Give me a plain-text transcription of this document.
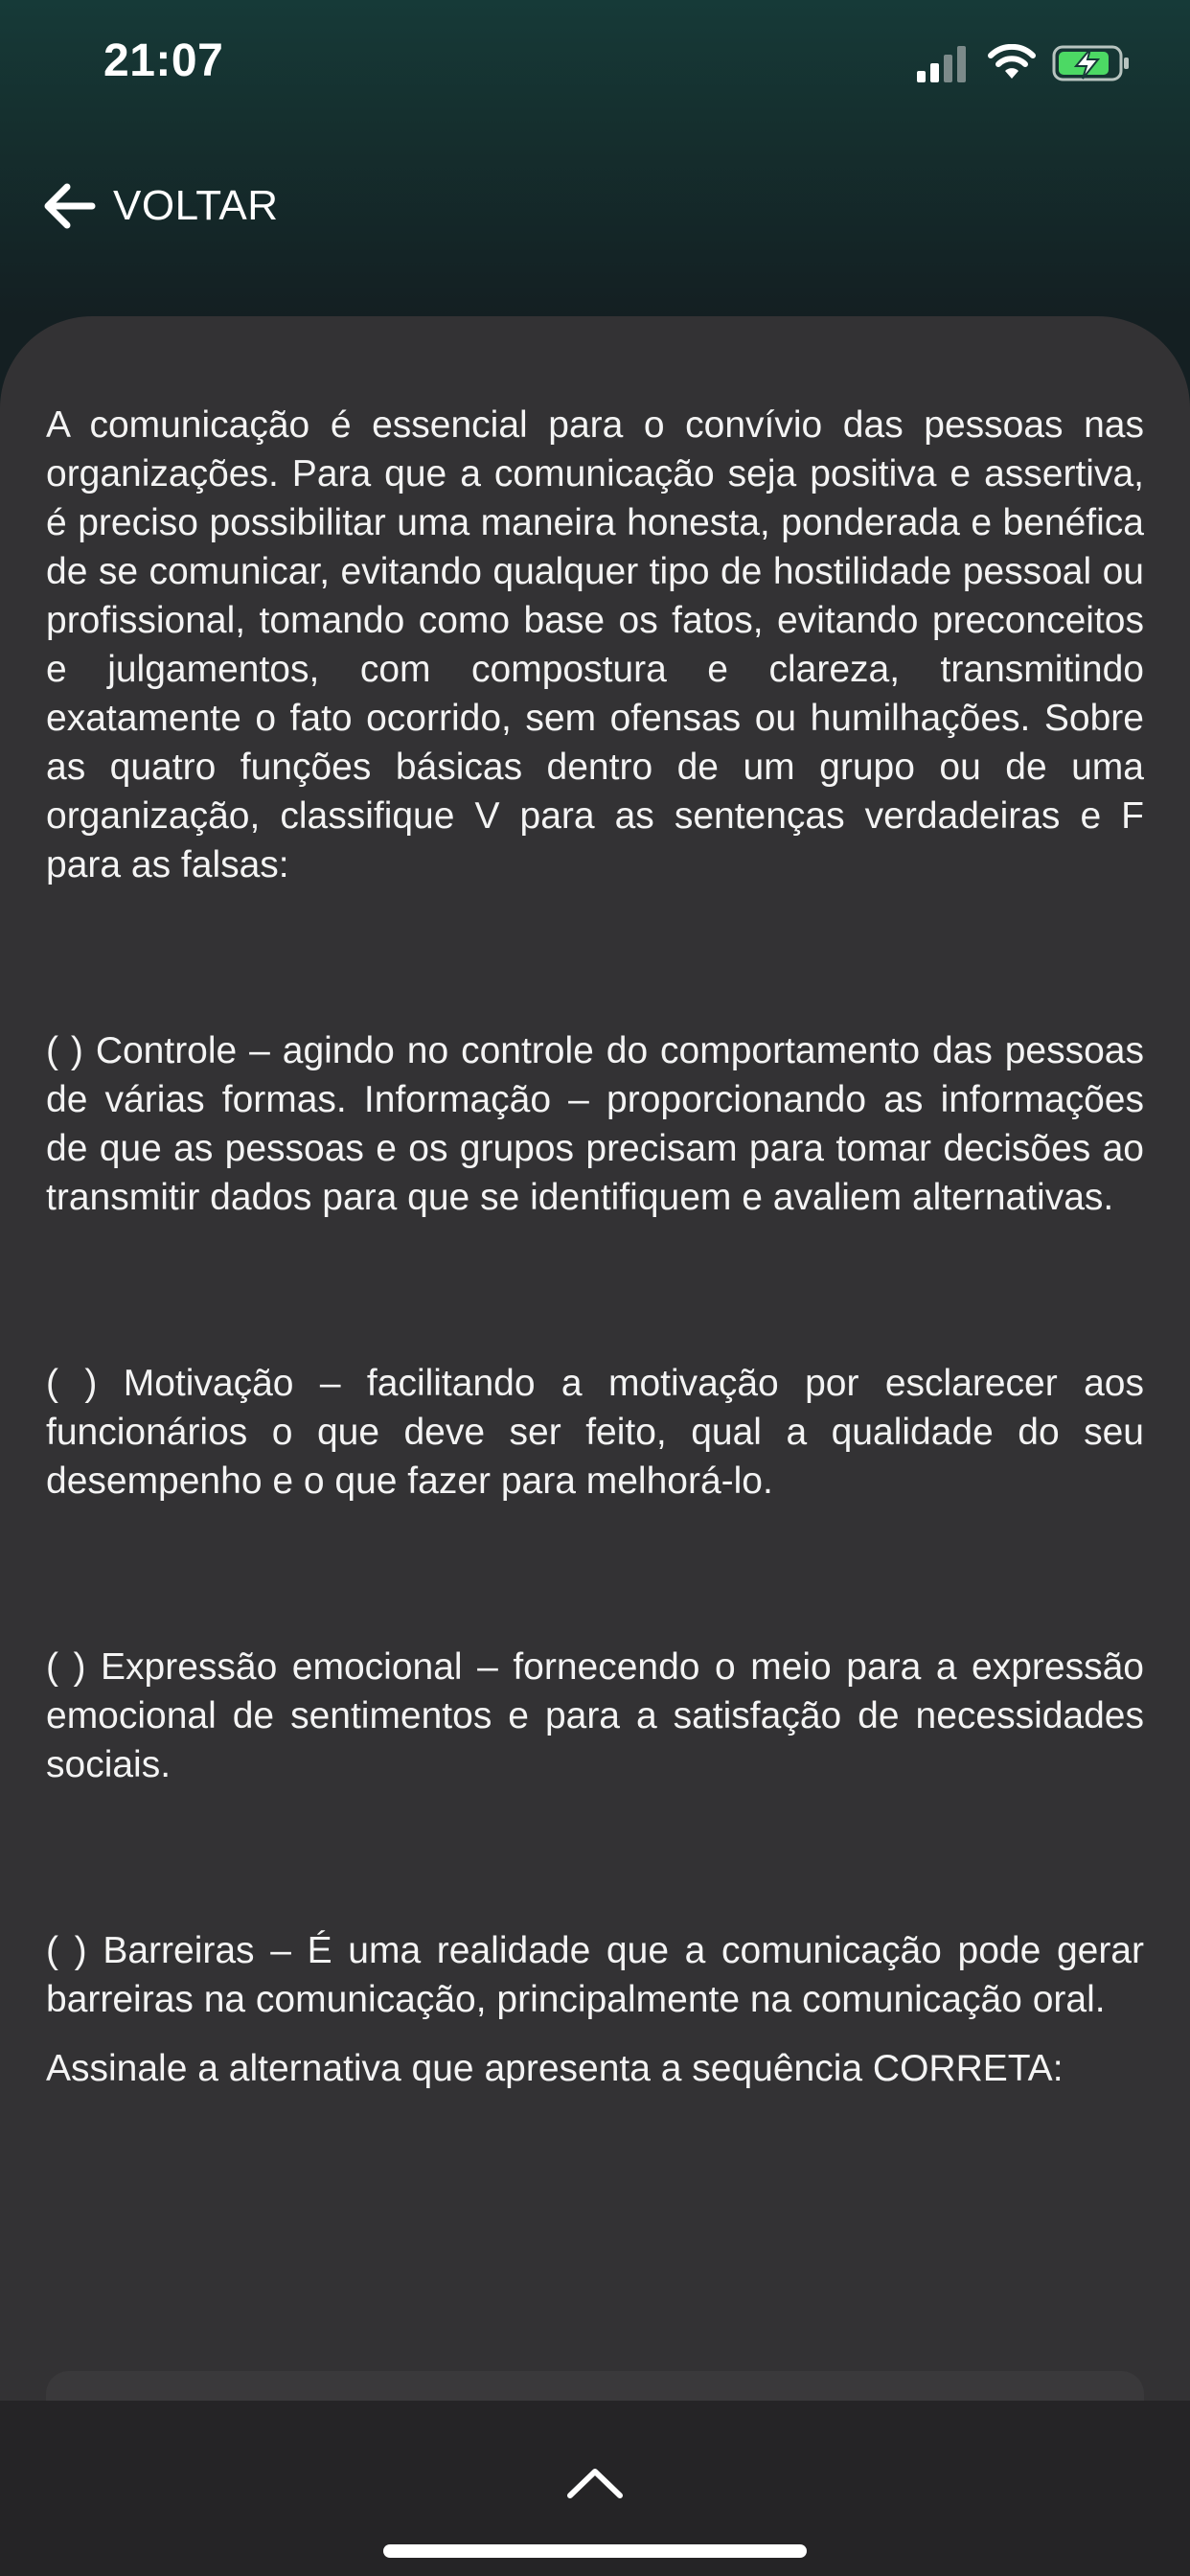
21:07
VOLTAR

A comunicação é essencial para o convívio das pessoas nas organizações. Para que a comunicação seja positiva e assertiva, é preciso possibilitar uma maneira honesta, ponderada e benéfica de se comunicar, evitando qualquer tipo de hostilidade pessoal ou profissional, tomando como base os fatos, evitando preconceitos e julgamentos, com compostura e clareza, transmitindo exatamente o fato ocorrido, sem ofensas ou humilhações. Sobre as quatro funções básicas dentro de um grupo ou de uma organização, classifique V para as sentenças verdadeiras e F para as falsas:

( ) Controle – agindo no controle do comportamento das pessoas de várias formas. Informação – proporcionando as informações de que as pessoas e os grupos precisam para tomar decisões ao transmitir dados para que se identifiquem e avaliem alternativas.

( ) Motivação – facilitando a motivação por esclarecer aos funcionários o que deve ser feito, qual a qualidade do seu desempenho e o que fazer para melhorá-lo.

( ) Expressão emocional – fornecendo o meio para a expressão emocional de sentimentos e para a satisfação de necessidades sociais.

( ) Barreiras – É uma realidade que a comunicação pode gerar barreiras na comunicação, principalmente na comunicação oral.

Assinale a alternativa que apresenta a sequência CORRETA:
